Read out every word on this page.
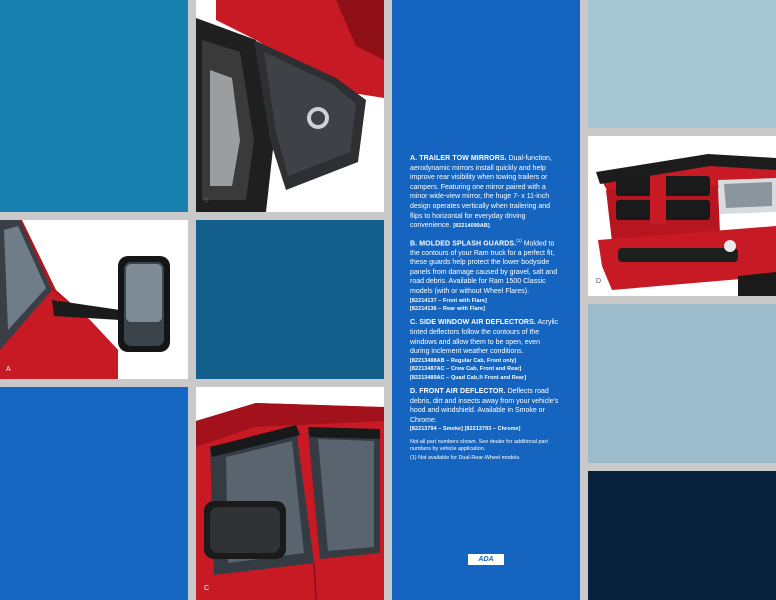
A
B
C
A. TRAILER TOW MIRRORS. Dual-function, aerodynamic mirrors install quickly and help improve rear visibility when towing trailers or campers. Featuring one mirror paired with a minor wide-view mirror, the huge 7- x 11-inch design operates vertically when trailering and flips to horizontal for everyday driving convenience. [82214099AB]
B. MOLDED SPLASH GUARDS.$^{(1)}$ Molded to the contours of your Ram truck for a perfect fit, these guards help protect the lower bodyside panels from damage caused by gravel, salt and road debris. Available for Ram 1500 Classic models (with or without Wheel Flares).
[82214137 – Front with Flare]
[82214136 – Rear with Flare]
C. SIDE WINDOW AIR DEFLECTORS. Acrylic tinted deflectors follow the contours of the windows and allow them to be open, even during inclement weather conditions.
[82213488AB – Regular Cab, Front only]
[82213487AC – Crew Cab, Front and Rear]
[82213489AC – Quad Cab,® Front and Rear]
D. FRONT AIR DEFLECTOR. Deflects road debris, dirt and insects away from your vehicle's hood and windshield. Available in Smoke or Chrome.
[82213794 – Smoke] [82213793 – Chrome]
Not all part numbers shown. See dealer for additional part numbers by vehicle application.
(1) Not available for Dual-Rear-Wheel models.
ADA
D
